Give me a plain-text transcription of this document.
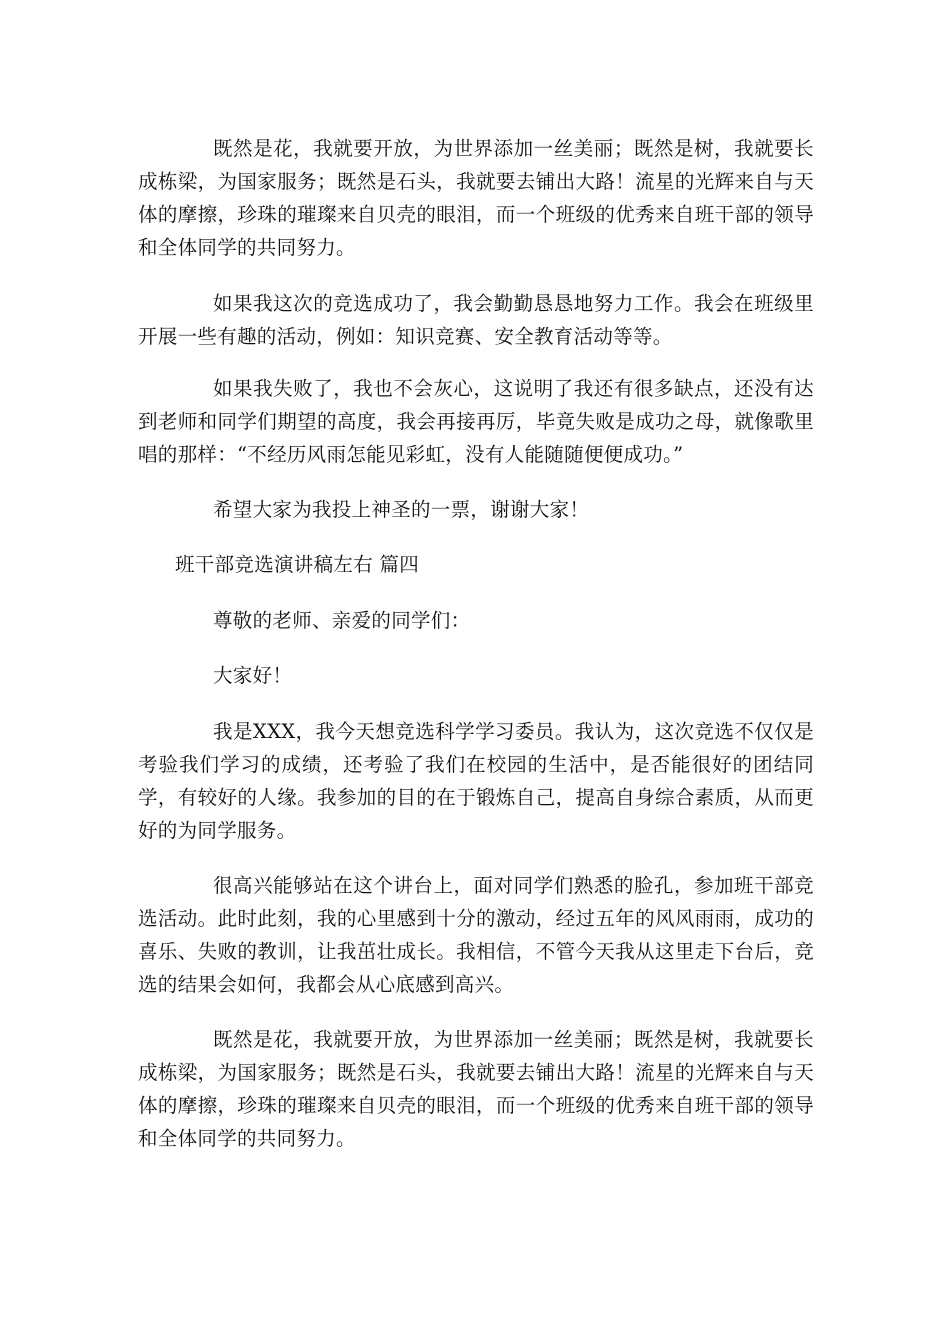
既然是花，我就要开放，为世界添加一丝美丽；既然是树，我就要长成栋梁，为国家服务；既然是石头，我就要去铺出大路！流星的光辉来自与天体的摩擦，珍珠的璀璨来自贝壳的眼泪，而一个班级的优秀来自班干部的领导和全体同学的共同努力。

如果我这次的竞选成功了，我会勤勤恳恳地努力工作。我会在班级里开展一些有趣的活动，例如：知识竞赛、安全教育活动等等。

如果我失败了，我也不会灰心，这说明了我还有很多缺点，还没有达到老师和同学们期望的高度，我会再接再厉，毕竟失败是成功之母，就像歌里唱的那样：“不经历风雨怎能见彩虹，没有人能随随便便成功。”

希望大家为我投上神圣的一票，谢谢大家！

班干部竞选演讲稿左右 篇四

尊敬的老师、亲爱的同学们：

大家好！

我是XXX，我今天想竞选科学学习委员。我认为，这次竞选不仅仅是考验我们学习的成绩，还考验了我们在校园的生活中，是否能很好的团结同学，有较好的人缘。我参加的目的在于锻炼自己，提高自身综合素质，从而更好的为同学服务。

很高兴能够站在这个讲台上，面对同学们熟悉的脸孔，参加班干部竞选活动。此时此刻，我的心里感到十分的激动，经过五年的风风雨雨，成功的喜乐、失败的教训，让我茁壮成长。我相信，不管今天我从这里走下台后，竞选的结果会如何，我都会从心底感到高兴。

既然是花，我就要开放，为世界添加一丝美丽；既然是树，我就要长成栋梁，为国家服务；既然是石头，我就要去铺出大路！流星的光辉来自与天体的摩擦，珍珠的璀璨来自贝壳的眼泪，而一个班级的优秀来自班干部的领导和全体同学的共同努力。
